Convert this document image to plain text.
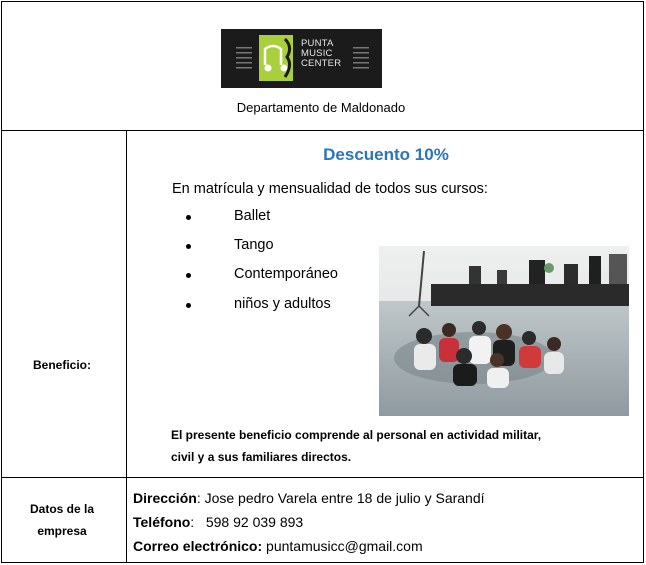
PUNTA
MUSIC
CENTER
Departamento de Maldonado
Beneficio:
Descuento 10%
En matrícula y mensualidad de todos sus cursos:
Ballet
Tango
Contemporáneo
niños y adultos
El presente beneficio comprende al personal en actividad militar,
civil y a sus familiares directos.
Datos de la
empresa
Dirección: Jose pedro Varela entre 18 de julio y Sarandí
Teléfono: 598 92 039 893
Correo electrónico: puntamusicc@gmail.com
